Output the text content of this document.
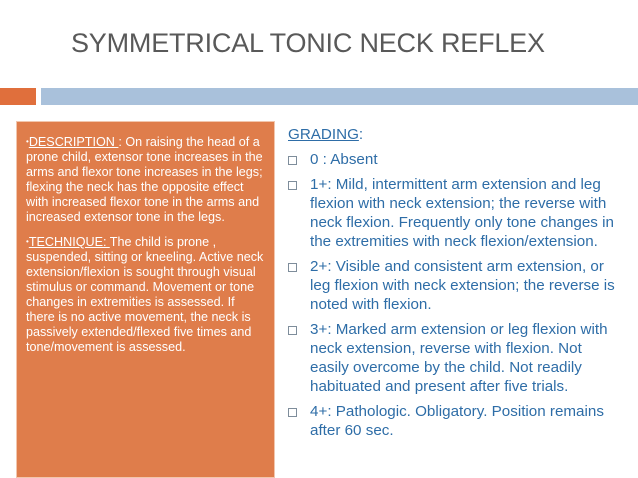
SYMMETRICAL TONIC NECK REFLEX

•DESCRIPTION : On raising the head of a prone child, extensor tone increases in the arms and flexor tone increases in the legs; flexing the neck has the opposite effect with increased flexor tone in the arms and increased extensor tone in the legs.

•TECHNIQUE: The child is prone , suspended, sitting or kneeling. Active neck extension/flexion is sought through visual stimulus or command. Movement or tone changes in extremities is assessed. If there is no active movement, the neck is passively extended/flexed five times and tone/movement is assessed.

GRADING:
0 : Absent
1+: Mild, intermittent arm extension and leg flexion with neck extension; the reverse with neck flexion. Frequently only tone changes in the extremities with neck flexion/extension.
2+: Visible and consistent arm extension, or leg flexion with neck extension; the reverse is noted with flexion.
3+: Marked arm extension or leg flexion with neck extension, reverse with flexion. Not easily overcome by the child. Not readily habituated and present after five trials.
4+: Pathologic. Obligatory. Position remains after 60 sec.
